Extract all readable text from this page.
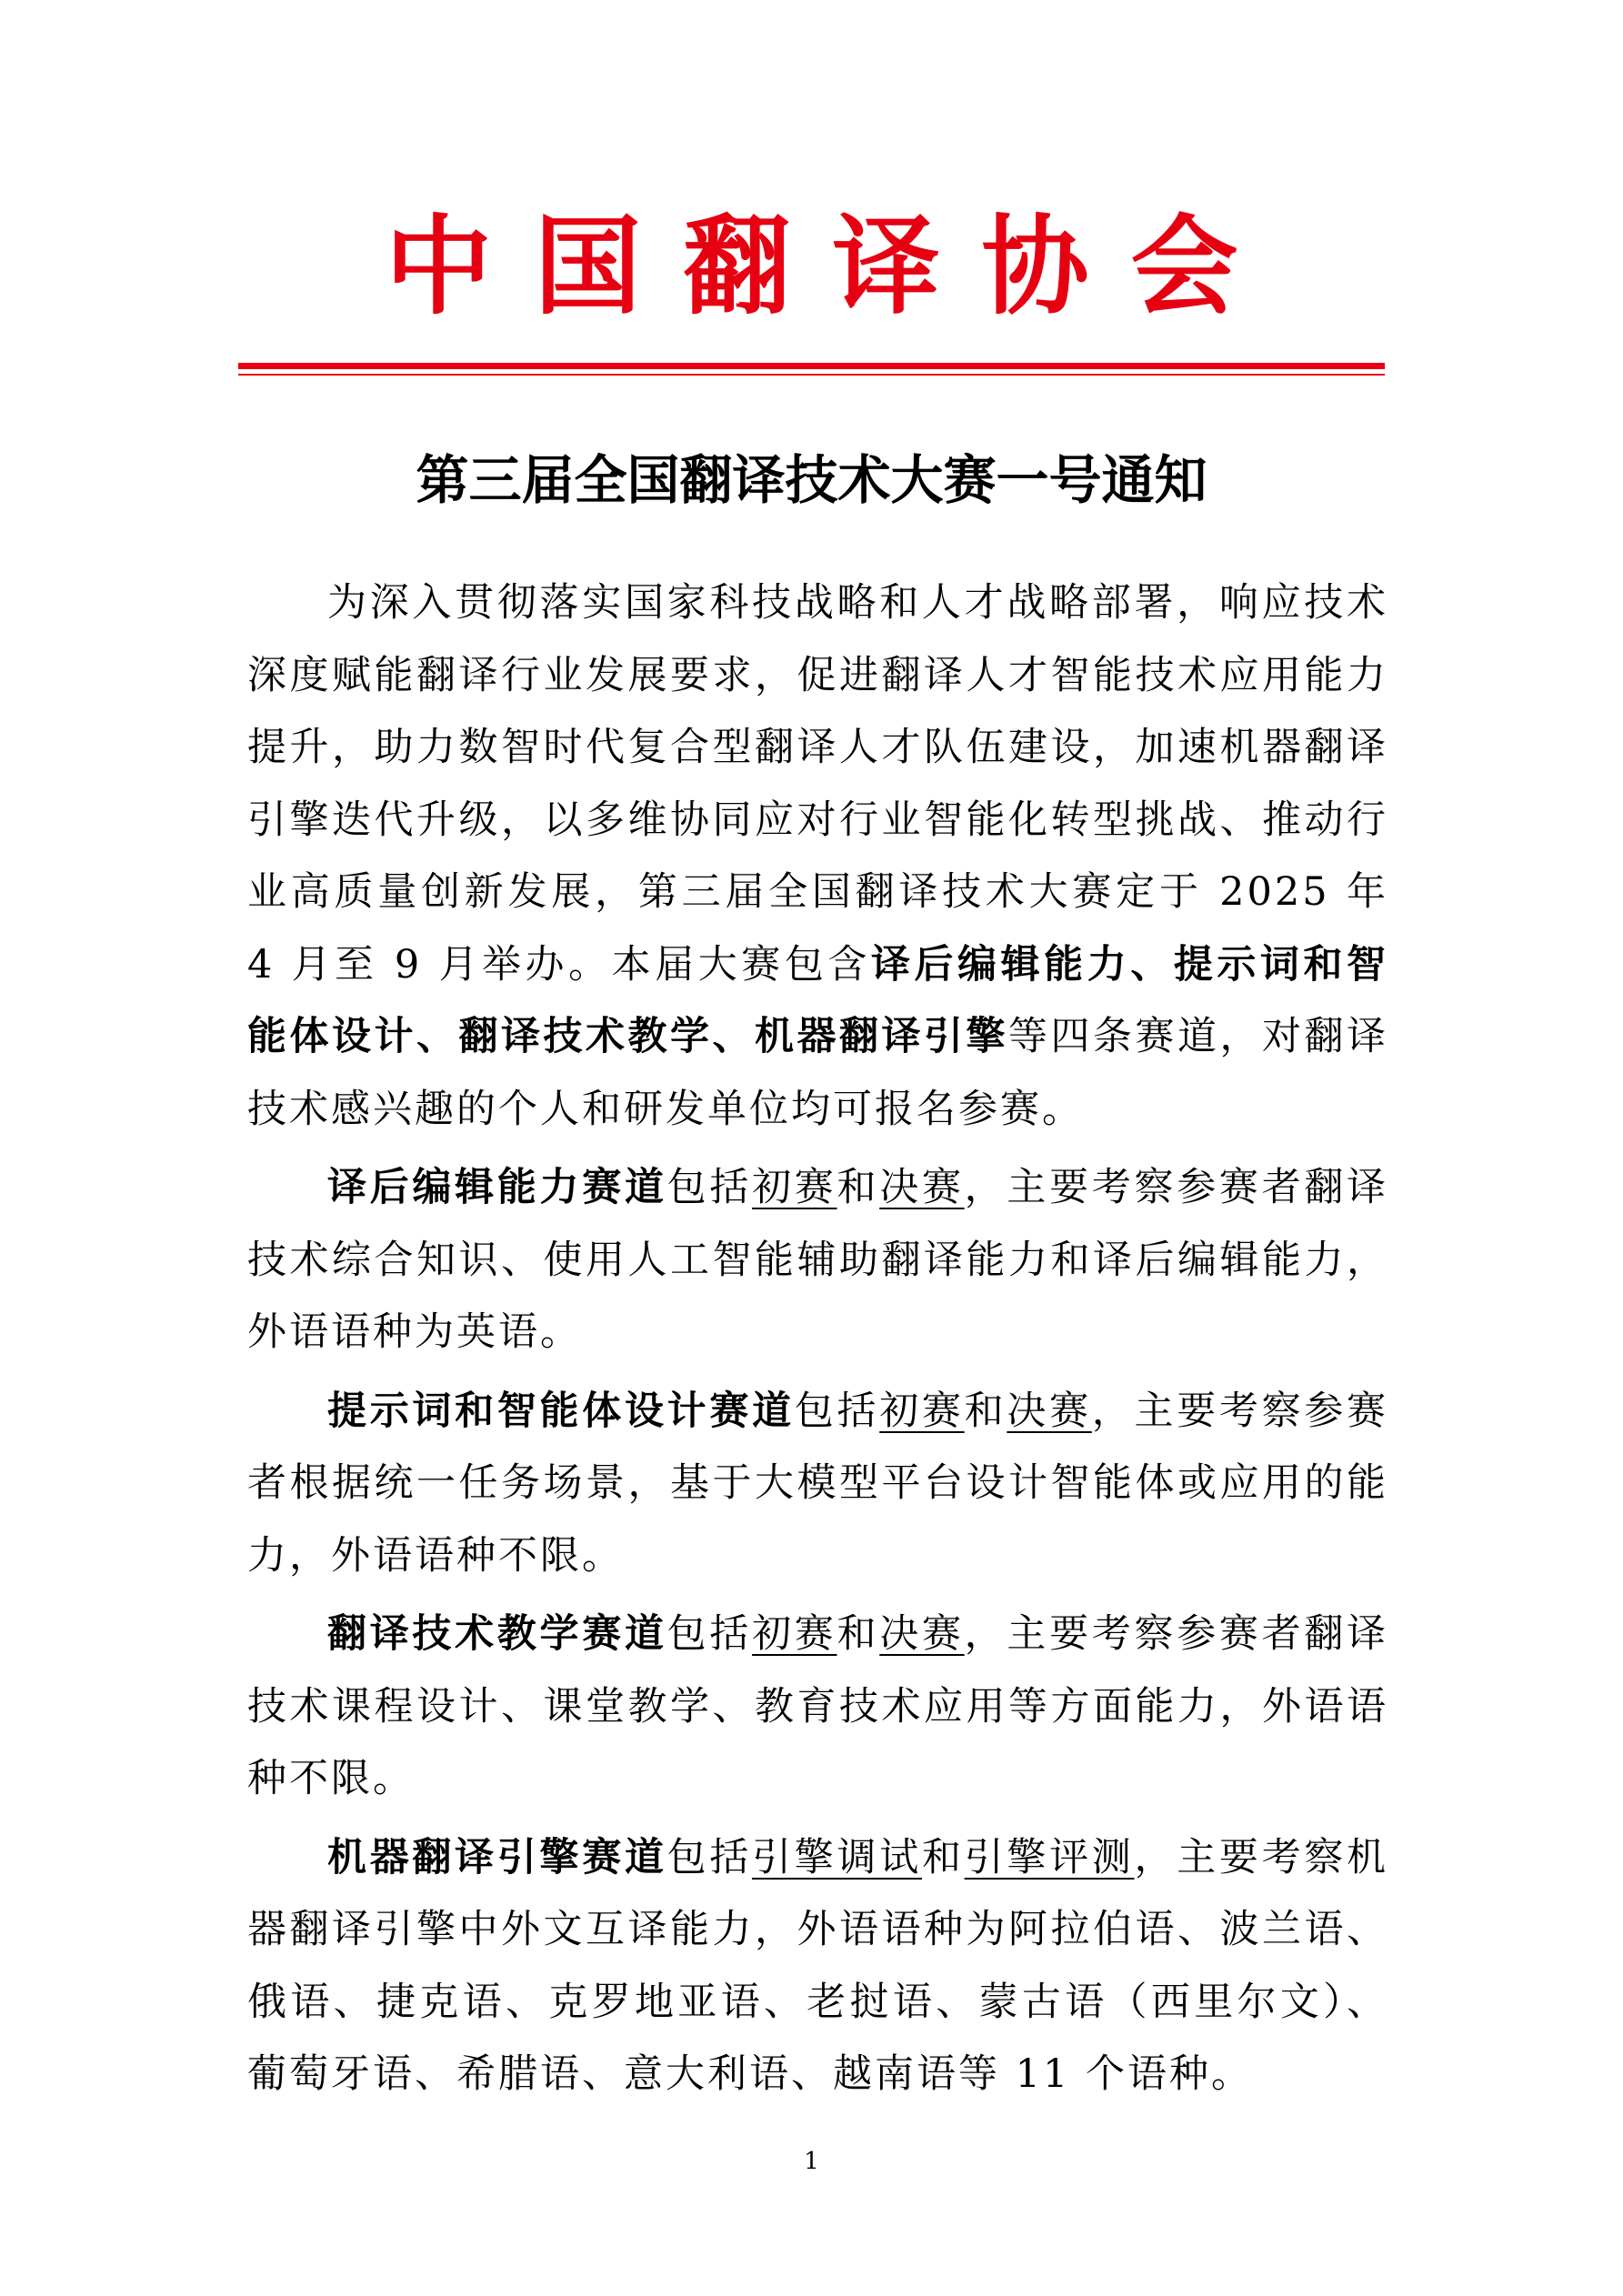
中国翻译协会
第三届全国翻译技术大赛一号通知

为深入贯彻落实国家科技战略和人才战略部署，响应技术深度赋能翻译行业发展要求，促进翻译人才智能技术应用能力提升，助力数智时代复合型翻译人才队伍建设，加速机器翻译引擎迭代升级，以多维协同应对行业智能化转型挑战、推动行业高质量创新发展，第三届全国翻译技术大赛定于 2025 年 4 月至 9 月举办。本届大赛包含译后编辑能力、提示词和智能体设计、翻译技术教学、机器翻译引擎等四条赛道，对翻译技术感兴趣的个人和研发单位均可报名参赛。

译后编辑能力赛道包括初赛和决赛，主要考察参赛者翻译技术综合知识、使用人工智能辅助翻译能力和译后编辑能力，外语语种为英语。

提示词和智能体设计赛道包括初赛和决赛，主要考察参赛者根据统一任务场景，基于大模型平台设计智能体或应用的能力，外语语种不限。

翻译技术教学赛道包括初赛和决赛，主要考察参赛者翻译技术课程设计、课堂教学、教育技术应用等方面能力，外语语种不限。

机器翻译引擎赛道包括引擎调试和引擎评测，主要考察机器翻译引擎中外文互译能力，外语语种为阿拉伯语、波兰语、俄语、捷克语、克罗地亚语、老挝语、蒙古语（西里尔文）、葡萄牙语、希腊语、意大利语、越南语等 11 个语种。

1
